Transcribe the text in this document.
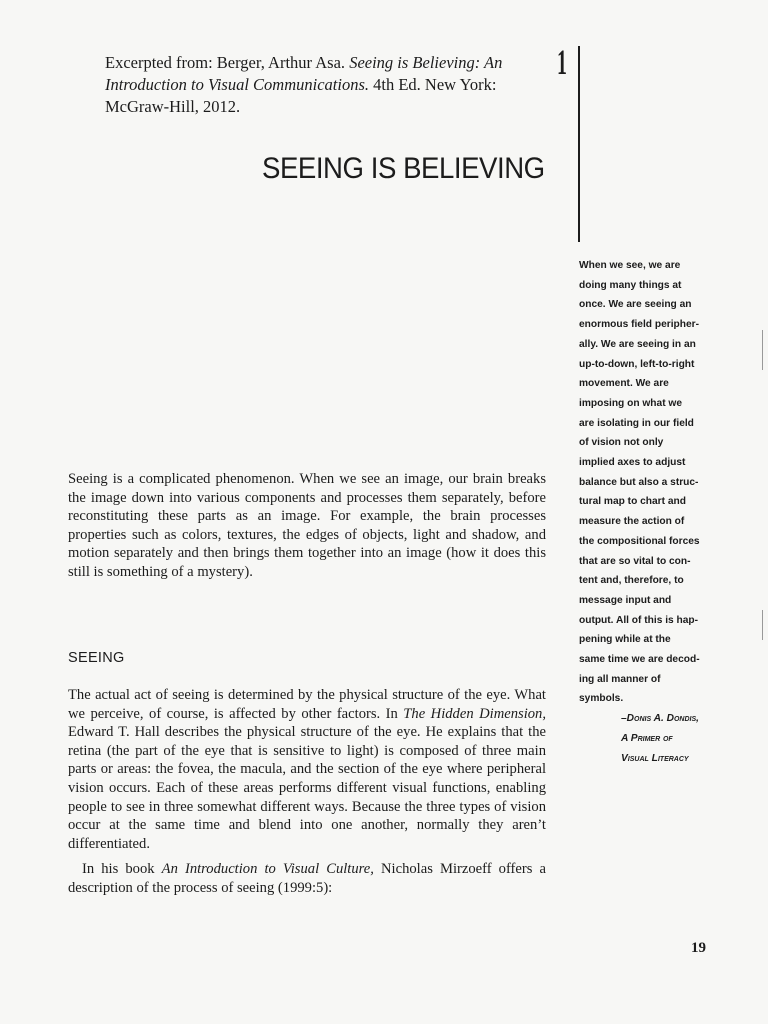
Excerpted from: Berger, Arthur Asa. Seeing is Believing: An Introduction to Visual Communications. 4th Ed. New York: McGraw-Hill, 2012.
1
SEEING IS BELIEVING
When we see, we are
doing many things at
once. We are seeing an
enormous field peripher-
ally. We are seeing in an
up-to-down, left-to-right
movement. We are
imposing on what we
are isolating in our field
of vision not only
implied axes to adjust
balance but also a struc-
tural map to chart and
measure the action of
the compositional forces
that are so vital to con-
tent and, therefore, to
message input and
output. All of this is hap-
pening while at the
same time we are decod-
ing all manner of
symbols.
–Donis A. Dondis,
A Primer of
Visual Literacy
Seeing is a complicated phenomenon. When we see an image, our brain breaks the image down into various components and processes them separately, before reconstituting these parts as an image. For example, the brain processes properties such as colors, textures, the edges of objects, light and shadow, and motion separately and then brings them together into an image (how it does this still is something of a mystery).
SEEING
The actual act of seeing is determined by the physical structure of the eye. What we perceive, of course, is affected by other factors. In The Hidden Dimension, Edward T. Hall describes the physical structure of the eye. He explains that the retina (the part of the eye that is sensitive to light) is composed of three main parts or areas: the fovea, the macula, and the section of the eye where peripheral vision occurs. Each of these areas performs different visual functions, enabling people to see in three somewhat different ways. Because the three types of vision occur at the same time and blend into one another, normally they aren’t differentiated.
In his book An Introduction to Visual Culture, Nicholas Mirzoeff offers a description of the process of seeing (1999:5):
19
